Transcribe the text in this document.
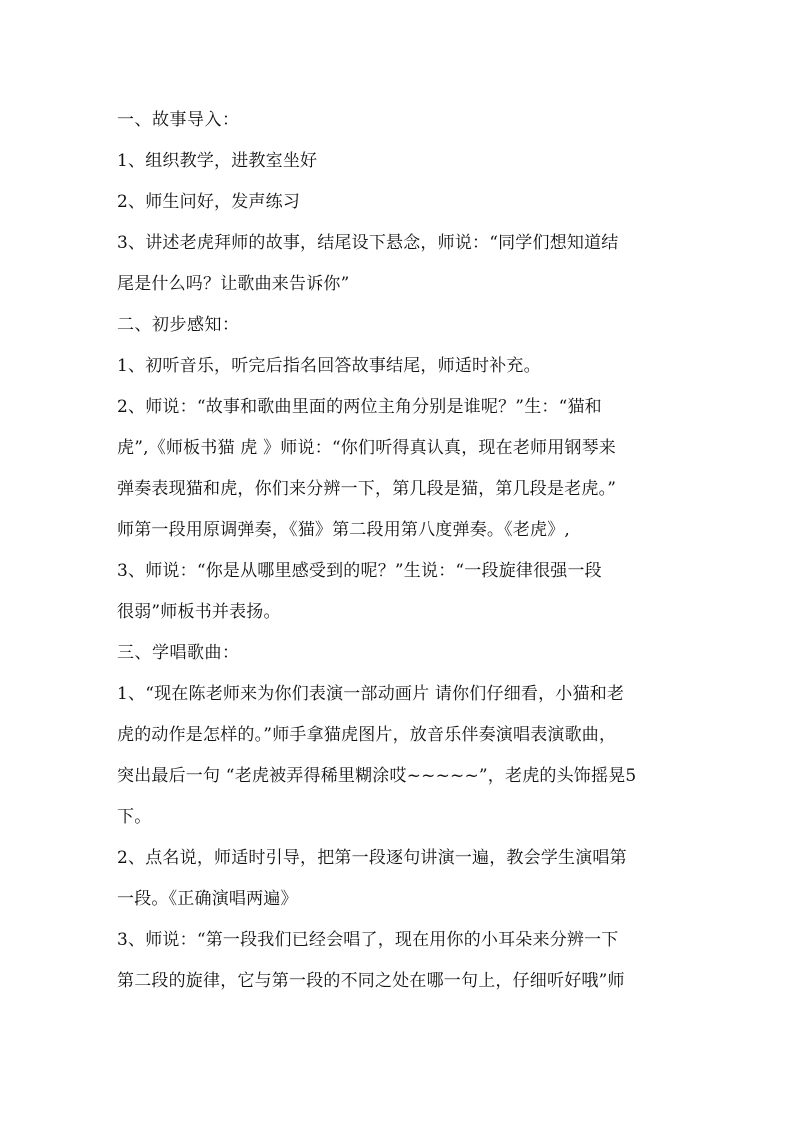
一、故事导入：
1、组织教学，进教室坐好
2、师生问好，发声练习
3、讲述老虎拜师的故事，结尾设下悬念，师说：“同学们想知道结
尾是什么吗？让歌曲来告诉你”
二、初步感知：
1、初听音乐，听完后指名回答故事结尾，师适时补充。
2、师说：“故事和歌曲里面的两位主角分别是谁呢？”生：“猫和
虎”,《师板书猫 虎 》师说：“你们听得真认真，现在老师用钢琴来
弹奏表现猫和虎，你们来分辨一下，第几段是猫，第几段是老虎。”
师第一段用原调弹奏，《猫》第二段用第八度弹奏。《老虎》,
3、师说：“你是从哪里感受到的呢？”生说：“一段旋律很强一段
很弱”师板书并表扬。
三、学唱歌曲：
1、“现在陈老师来为你们表演一部动画片 请你们仔细看，小猫和老
虎的动作是怎样的。”师手拿猫虎图片，放音乐伴奏演唱表演歌曲，
突出最后一句 “老虎被弄得稀里糊涂哎~~~~~”，老虎的头饰摇晃5
下。
2、点名说，师适时引导，把第一段逐句讲演一遍，教会学生演唱第
一段。《正确演唱两遍》
3、师说：“第一段我们已经会唱了，现在用你的小耳朵来分辨一下
第二段的旋律，它与第一段的不同之处在哪一句上，仔细听好哦”师
